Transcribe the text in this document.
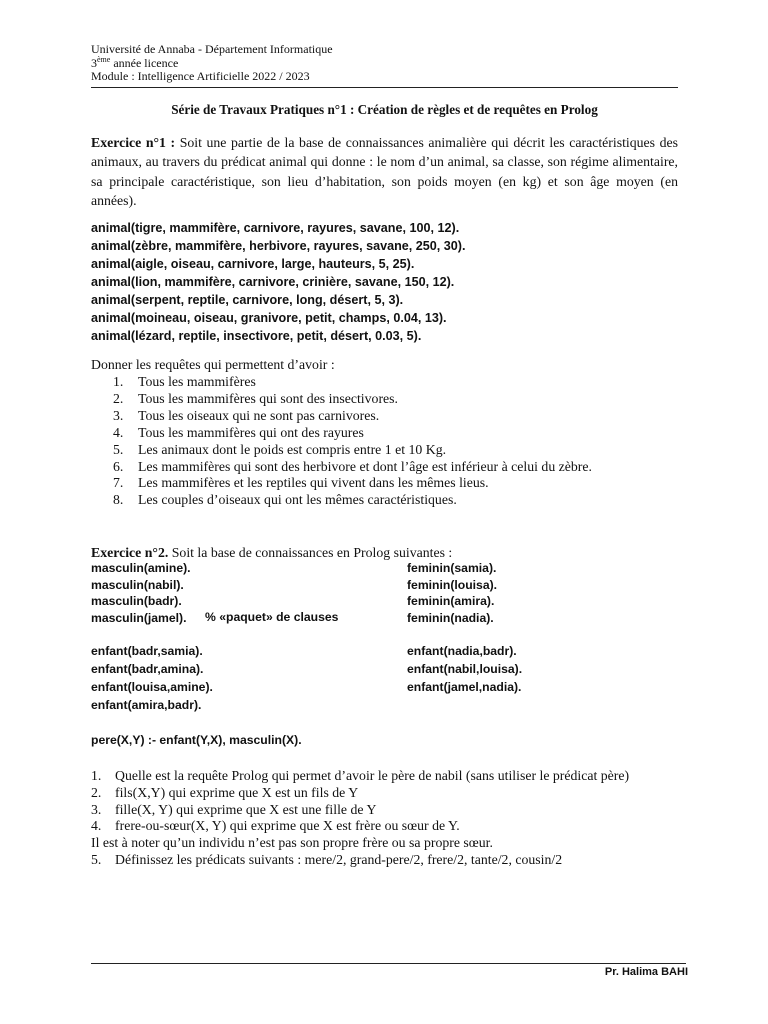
Université de Annaba - Département Informatique
3ème année licence
Module : Intelligence Artificielle 2022 / 2023
Série de Travaux Pratiques n°1 : Création de règles et de requêtes en Prolog
Exercice n°1 : Soit une partie de la base de connaissances animalière qui décrit les caractéristiques des animaux, au travers du prédicat animal qui donne : le nom d’un animal, sa classe, son régime alimentaire, sa principale caractéristique, son lieu d’habitation, son poids moyen (en kg) et son âge moyen (en années).
animal(tigre, mammifère, carnivore, rayures, savane, 100, 12).
animal(zèbre, mammifère, herbivore, rayures, savane, 250, 30).
animal(aigle, oiseau, carnivore, large, hauteurs, 5, 25).
animal(lion, mammifère, carnivore, crinière, savane, 150, 12).
animal(serpent, reptile, carnivore, long, désert, 5, 3).
animal(moineau, oiseau, granivore, petit, champs, 0.04, 13).
animal(lézard, reptile, insectivore, petit, désert, 0.03, 5).
Donner les requêtes qui permettent d’avoir :
1. Tous les mammifères
2. Tous les mammifères qui sont des insectivores.
3. Tous les oiseaux qui ne sont pas carnivores.
4. Tous les mammifères qui ont des rayures
5. Les animaux dont le poids est compris entre 1 et 10 Kg.
6. Les mammifères qui sont des herbivore et dont l’âge est inférieur à celui du zèbre.
7. Les mammifères et les reptiles qui vivent dans les mêmes lieus.
8. Les couples d’oiseaux qui ont les mêmes caractéristiques.
Exercice n°2. Soit la base de connaissances en Prolog suivantes :
masculin(amine).
masculin(nabil).
masculin(badr).
masculin(jamel).	% «paquet» de clauses
feminin(samia).
feminin(louisa).
feminin(amira).
feminin(nadia).
enfant(badr,samia).
enfant(badr,amina).
enfant(louisa,amine).
enfant(amira,badr).
enfant(nadia,badr).
enfant(nabil,louisa).
enfant(jamel,nadia).
pere(X,Y) :- enfant(Y,X), masculin(X).
1. Quelle est la requête Prolog qui permet d’avoir le père de nabil (sans utiliser le prédicat père)
2. fils(X,Y) qui exprime que X est un fils de Y
3. fille(X, Y) qui exprime que X est une fille de Y
4. frere-ou-sœur(X, Y) qui exprime que X est frère ou sœur de Y.
Il est à noter qu’un individu n’est pas son propre frère ou sa propre sœur.
5. Définissez les prédicats suivants : mere/2, grand-pere/2, frere/2, tante/2, cousin/2
Pr. Halima BAHI
